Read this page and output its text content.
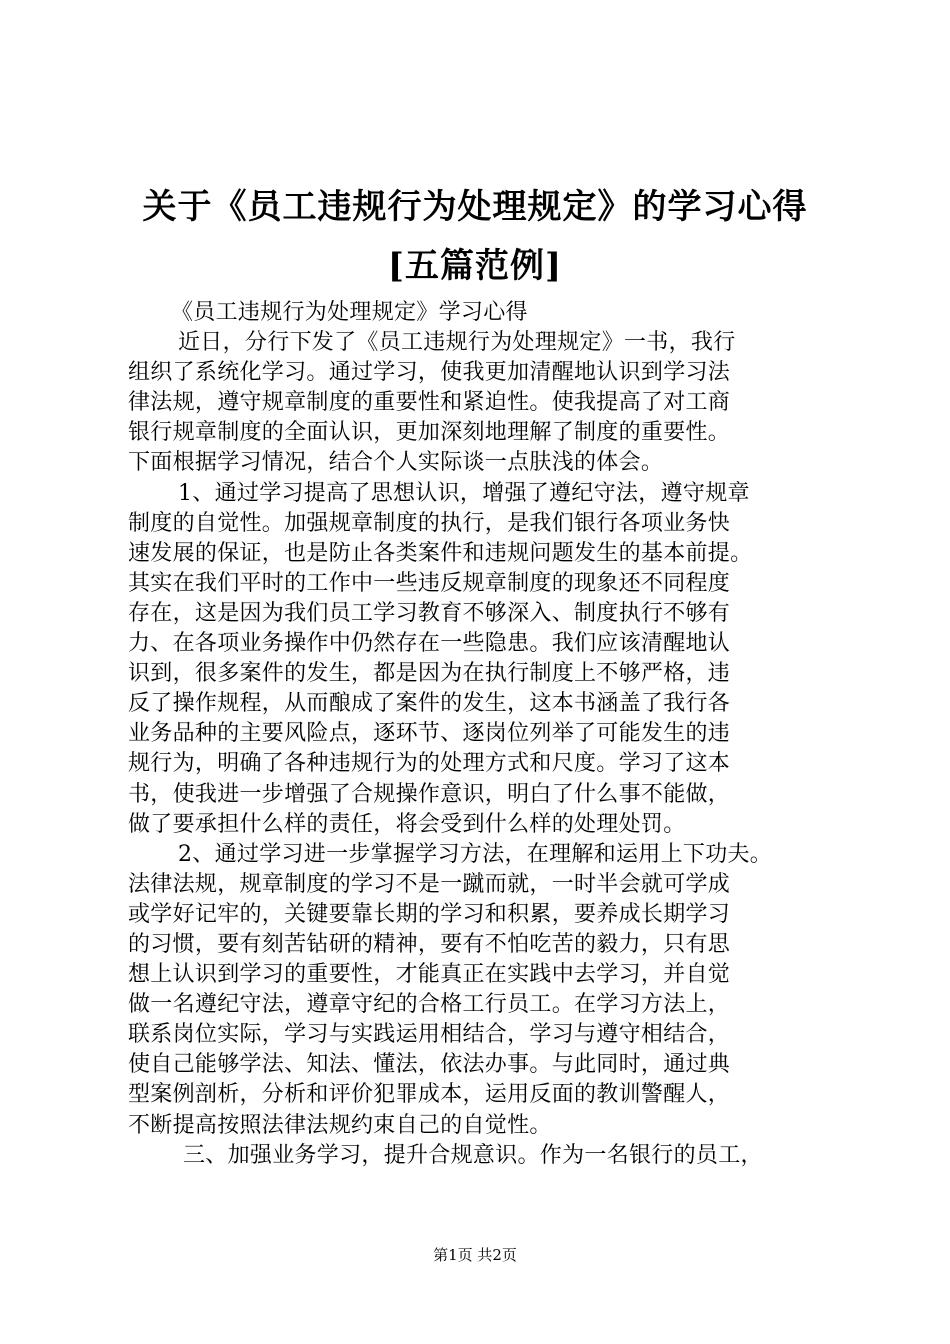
关于《员工违规行为处理规定》的学习心得
[五篇范例]
《员工违规行为处理规定》学习心得
近日，分行下发了《员工违规行为处理规定》一书，我行
组织了系统化学习。通过学习，使我更加清醒地认识到学习法
律法规，遵守规章制度的重要性和紧迫性。使我提高了对工商
银行规章制度的全面认识，更加深刻地理解了制度的重要性。
下面根据学习情况，结合个人实际谈一点肤浅的体会。
1、通过学习提高了思想认识，增强了遵纪守法，遵守规章
制度的自觉性。加强规章制度的执行，是我们银行各项业务快
速发展的保证，也是防止各类案件和违规问题发生的基本前提。
其实在我们平时的工作中一些违反规章制度的现象还不同程度
存在，这是因为我们员工学习教育不够深入、制度执行不够有
力、在各项业务操作中仍然存在一些隐患。我们应该清醒地认
识到，很多案件的发生，都是因为在执行制度上不够严格，违
反了操作规程，从而酿成了案件的发生，这本书涵盖了我行各
业务品种的主要风险点，逐环节、逐岗位列举了可能发生的违
规行为，明确了各种违规行为的处理方式和尺度。学习了这本
书，使我进一步增强了合规操作意识，明白了什么事不能做，
做了要承担什么样的责任，将会受到什么样的处理处罚。
2、通过学习进一步掌握学习方法，在理解和运用上下功夫。
法律法规，规章制度的学习不是一蹴而就，一时半会就可学成
或学好记牢的，关键要靠长期的学习和积累，要养成长期学习
的习惯，要有刻苦钻研的精神，要有不怕吃苦的毅力，只有思
想上认识到学习的重要性，才能真正在实践中去学习，并自觉
做一名遵纪守法，遵章守纪的合格工行员工。在学习方法上，
联系岗位实际，学习与实践运用相结合，学习与遵守相结合，
使自己能够学法、知法、懂法，依法办事。与此同时，通过典
型案例剖析，分析和评价犯罪成本，运用反面的教训警醒人，
不断提高按照法律法规约束自己的自觉性。
三、加强业务学习，提升合规意识。作为一名银行的员工，
第1页 共2页
